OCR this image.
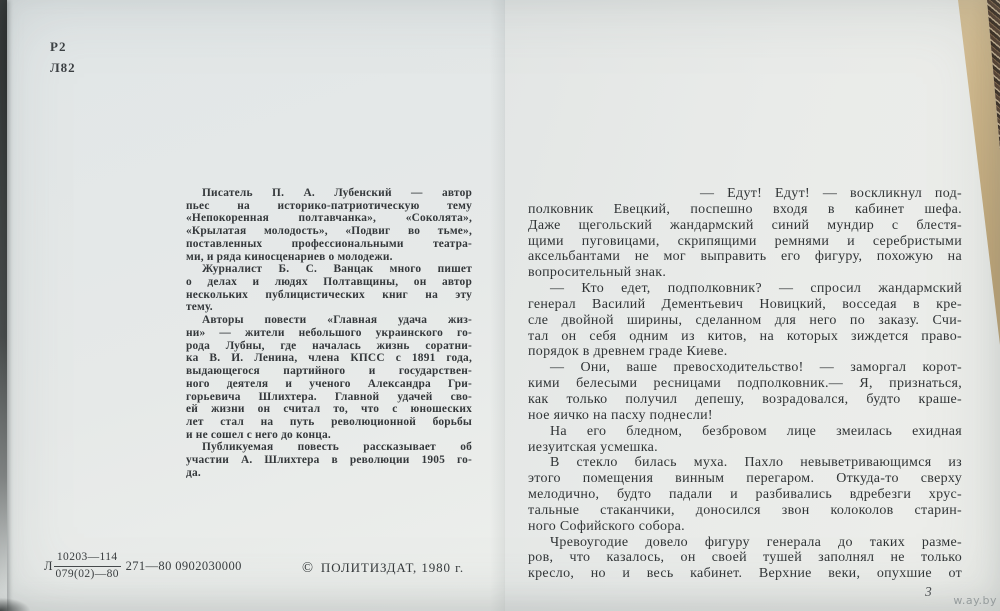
Р2
Л82
Писатель П. А. Лубенский — автор
пьес на историко-патриотическую тему
«Непокоренная полтавчанка», «Соколята»,
«Крылатая молодость», «Подвиг во тьме»,
поставленных профессиональными театра-
ми, и ряда киносценариев о молодежи.
Журналист Б. С. Ванцак много пишет
о делах и людях Полтавщины, он автор
нескольких публицистических книг на эту
тему.
Авторы повести «Главная удача жиз-
ни» — жители небольшого украинского го-
рода Лубны, где началась жизнь соратни-
ка В. И. Ленина, члена КПСС с 1891 года,
выдающегося партийного и государствен-
ного деятеля и ученого Александра Гри-
горьевича Шлихтера. Главной удачей сво-
ей жизни он считал то, что с юношеских
лет стал на путь революционной борьбы
и не сошел с него до конца.
Публикуемая повесть рассказывает об
участии А. Шлихтера в революции 1905 го-
да.
Л $\frac{10203—114}{079(02)—80}$ 271—80 0902030000	© ПОЛИТИЗДАТ, 1980 г.
— Едут! Едут! — воскликнул под-
полковник Евецкий, поспешно входя в кабинет шефа.
Даже щегольский жандармский синий мундир с блестя-
щими пуговицами, скрипящими ремнями и серебристыми
аксельбантами не мог выправить его фигуру, похожую на
вопросительный знак.
— Кто едет, подполковник? — спросил жандармский
генерал Василий Дементьевич Новицкий, восседая в кре-
сле двойной ширины, сделанном для него по заказу. Счи-
тал он себя одним из китов, на которых зиждется право-
порядок в древнем граде Киеве.
— Они, ваше превосходительство! — заморгал корот-
кими белесыми ресницами подполковник.— Я, признаться,
как только получил депешу, возрадовался, будто краше-
ное яичко на пасху поднесли!
На его бледном, безбровом лице змеилась ехидная
иезуитская усмешка.
В стекло билась муха. Пахло невыветривающимся из
этого помещения винным перегаром. Откуда-то сверху
мелодично, будто падали и разбивались вдребезги хрус-
тальные стаканчики, доносился звон колоколов старин-
ного Софийского собора.
Чревоугодие довело фигуру генерала до таких разме-
ров, что казалось, он своей тушей заполнял не только
кресло, но и весь кабинет. Верхние веки, опухшие от
3
w.ay.by
